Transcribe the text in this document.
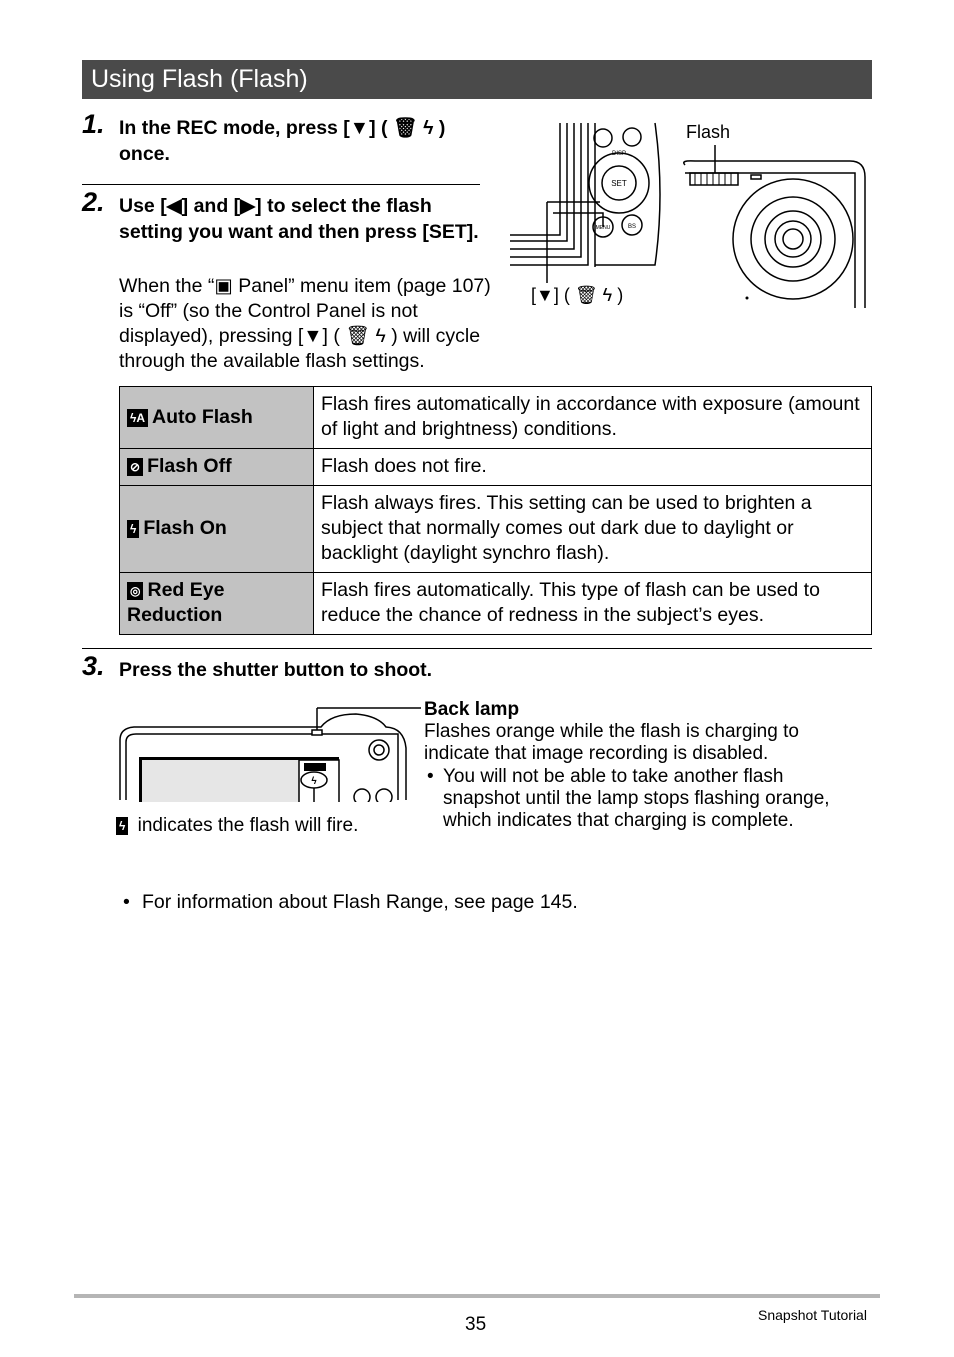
Using Flash (Flash)
1. In the REC mode, press [▼] ( 🗑 ϟ ) once.
2. Use [◀] and [▶] to select the flash setting you want and then press [SET].
When the “▣ Panel” menu item (page 107) is “Off” (so the Control Panel is not displayed), pressing [▼] ( 🗑 ϟ ) will cycle through the available flash settings.
SET
DISP
MENU	BS
Flash
[▼] ( 🗑 ϟ )
ϟA Auto Flash	Flash fires automatically in accordance with exposure (amount of light and brightness) conditions.
⊘ Flash Off	Flash does not fire.
ϟ Flash On	Flash always fires. This setting can be used to brighten a subject that normally comes out dark due to daylight or backlight (daylight synchro flash).
◎ Red Eye Reduction	Flash fires automatically. This type of flash can be used to reduce the chance of redness in the subject’s eyes.
3. Press the shutter button to shoot.
ϟ
ϟ indicates the flash will fire.
Back lamp
Flashes orange while the flash is charging to indicate that image recording is disabled.
• You will not be able to take another flash snapshot until the lamp stops flashing orange, which indicates that charging is complete.
• For information about Flash Range, see page 145.
35	Snapshot Tutorial
